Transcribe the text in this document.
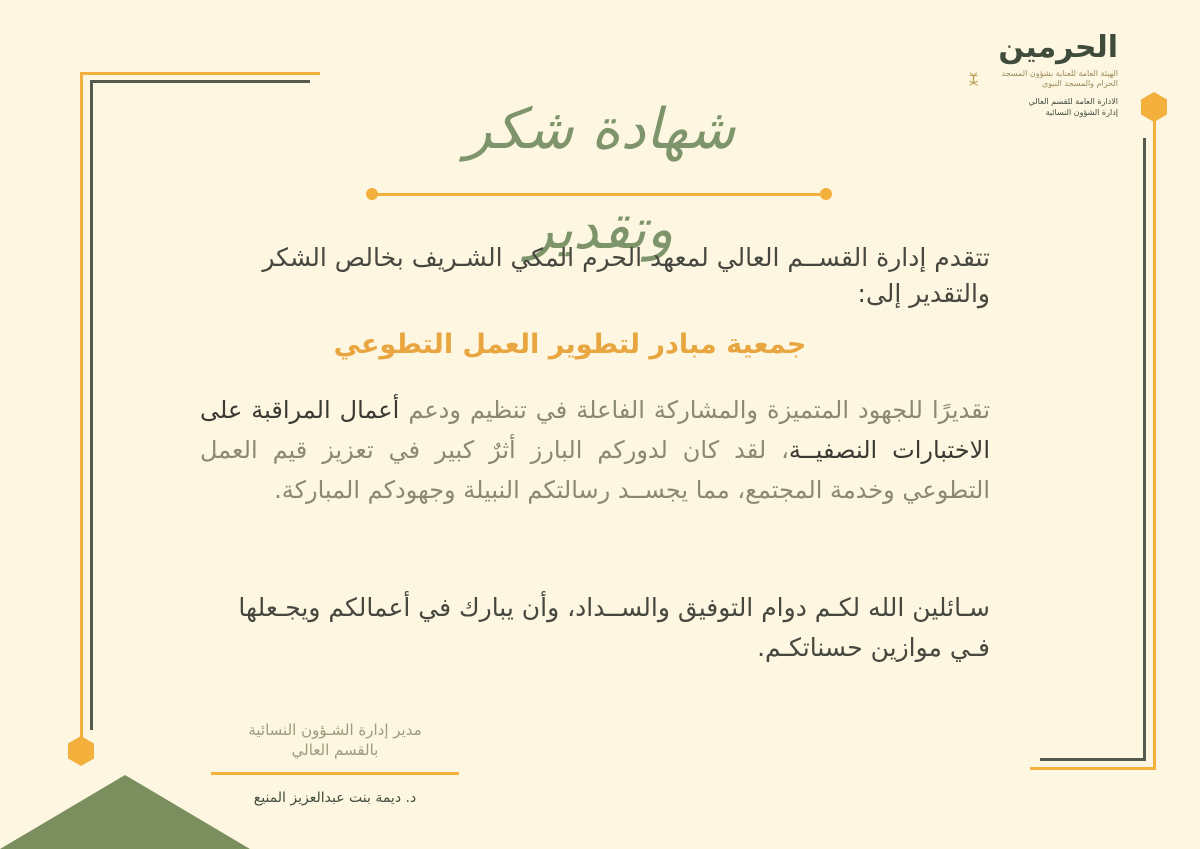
الحرمين
الهيئة العامة للعناية بشؤون المسجد الحرام والمسجد النبوي
الادارة العامة للقسم العالي
إدارة الشؤون النسائية
شهادة شكر وتقدير
تتقدم إدارة القســم العالي لمعهد الحرم المكي الشـريف بخالص الشكر والتقدير إلى:
جمعية مبادر لتطوير العمل التطوعي
تقديرًا للجهود المتميزة والمشاركة الفاعلة في تنظيم ودعم أعمال المراقبة على الاختبارات النصفيــة، لقد كان لدوركم البارز أثرٌ كبير في تعزيز قيم العمل التطوعي وخدمة المجتمع، مما يجســد رسالتكم النبيلة وجهودكم المباركة.
سـائلين الله لكـم دوام التوفيق والســداد، وأن يبارك في أعمالكم ويجـعلها فـي موازين حسناتكـم.
مدير إدارة الشـؤون النسائية
بالقسم العالي
د. ديمة بنت عبدالعزيز المنيع
